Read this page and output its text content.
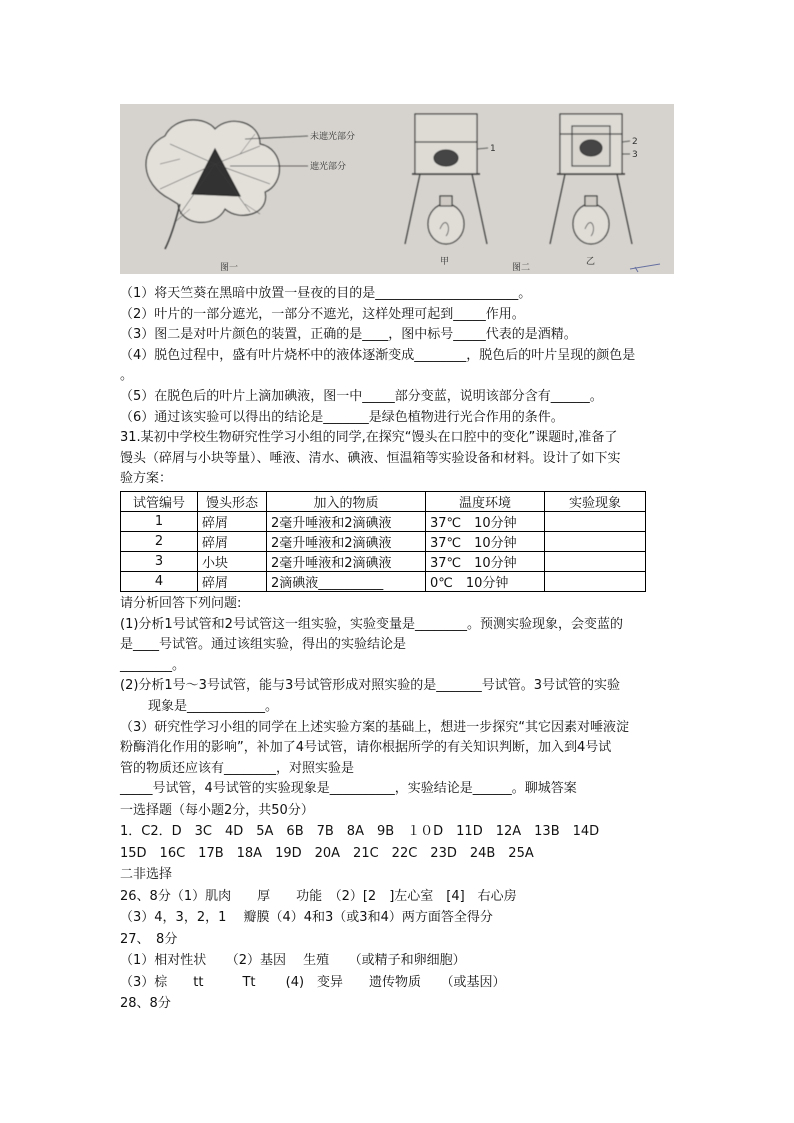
未遮光部分
遮光部分
1
2
3
甲	乙
图一	图二
（1）将天竺葵在黑暗中放置一昼夜的目的是______________________。
（2）叶片的一部分遮光，一部分不遮光，这样处理可起到_____作用。
（3）图二是对叶片颜色的装置，正确的是____，图中标号_____代表的是酒精。
（4）脱色过程中，盛有叶片烧杯中的液体逐渐变成________，脱色后的叶片呈现的颜色是
。
（5）在脱色后的叶片上滴加碘液，图一中_____部分变蓝，说明该部分含有______。
（6）通过该实验可以得出的结论是_______是绿色植物进行光合作用的条件。
31.某初中学校生物研究性学习小组的同学,在探究“馒头在口腔中的变化”课题时,准备了
馒头（碎屑与小块等量）、唾液、清水、碘液、恒温箱等实验设备和材料。设计了如下实
验方案：
试管编号	馒头形态	加入的物质	温度环境	实验现象
1	碎屑	2毫升唾液和2滴碘液	37℃　10分钟	
2	碎屑	2毫升唾液和2滴碘液	37℃　10分钟	
3	小块	2毫升唾液和2滴碘液	37℃　10分钟	
4	碎屑	2滴碘液__________	0℃　10分钟	
请分析回答下列问题:
(1)分析1号试管和2号试管这一组实验，实验变量是________。预测实验现象，会变蓝的
是____号试管。通过该组实验，得出的实验结论是
________。
(2)分析1号～3号试管，能与3号试管形成对照实验的是_______号试管。3号试管的实验
现象是____________。
（3）研究性学习小组的同学在上述实验方案的基础上，想进一步探究“其它因素对唾液淀
粉酶消化作用的影响”，补加了4号试管，请你根据所学的有关知识判断，加入到4号试
管的物质还应该有________，对照实验是
_____号试管，4号试管的实验现象是__________，实验结论是______。聊城答案
一选择题（每小题2分，共50分）
1．C2．D　3C　4D　5A　6B　7B　8A　9B　１０D　11D　12A　13B　14D
15D　16C　17B　18A　19D　20A　21C　22C　23D　24B　25A
二非选择
26、8分（1）肌肉　　厚　　功能　（2）[2　]左心室　[4]　右心房
（3）4，3，2，1　 瓣膜（4）4和3（或3和4）两方面答全得分
27、　8分
（1）相对性状　　（2）基因　 生殖　　（或精子和卵细胞）
（3）棕　　tt　　　Tt　　 (4)　变异　　遗传物质　　（或基因）
28、8分
